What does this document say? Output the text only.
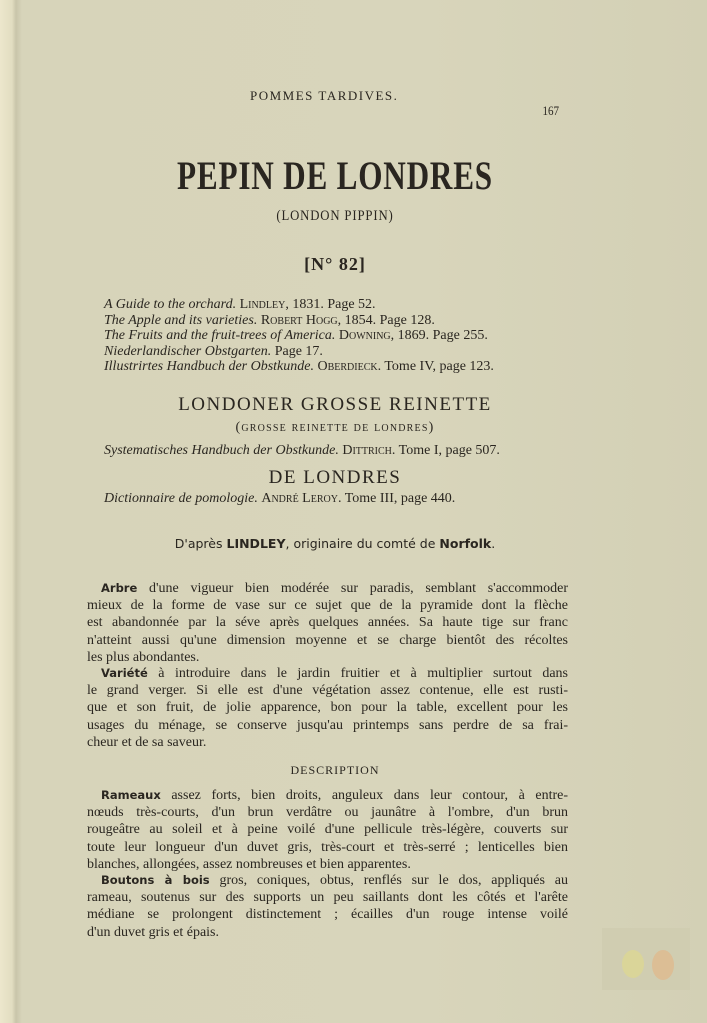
POMMES TARDIVES.
167
PEPIN DE LONDRES
(LONDON PIPPIN)
[N° 82]
A Guide to the orchard. Lindley, 1831. Page 52.
The Apple and its varieties. Robert Hogg, 1854. Page 128.
The Fruits and the fruit-trees of America. Downing, 1869. Page 255.
Niederlandischer Obstgarten. Page 17.
Illustrirtes Handbuch der Obstkunde. Oberdieck. Tome IV, page 123.
LONDONER GROSSE REINETTE
(grosse reinette de londres)
Systematisches Handbuch der Obstkunde. Dittrich. Tome I, page 507.
DE LONDRES
Dictionnaire de pomologie. André Leroy. Tome III, page 440.
D'après LINDLEY, originaire du comté de Norfolk.
Arbre d'une vigueur bien modérée sur paradis, semblant s'accommoder
mieux de la forme de vase sur ce sujet que de la pyramide dont la flèche
est abandonnée par la séve après quelques années. Sa haute tige sur franc
n'atteint aussi qu'une dimension moyenne et se charge bientôt des récoltes
les plus abondantes.
Variété à introduire dans le jardin fruitier et à multiplier surtout dans
le grand verger. Si elle est d'une végétation assez contenue, elle est rusti-
que et son fruit, de jolie apparence, bon pour la table, excellent pour les
usages du ménage, se conserve jusqu'au printemps sans perdre de sa frai-
cheur et de sa saveur.
DESCRIPTION
Rameaux assez forts, bien droits, anguleux dans leur contour, à entre-
nœuds très-courts, d'un brun verdâtre ou jaunâtre à l'ombre, d'un brun
rougeâtre au soleil et à peine voilé d'une pellicule très-légère, couverts sur
toute leur longueur d'un duvet gris, très-court et très-serré ; lenticelles bien
blanches, allongées, assez nombreuses et bien apparentes.
Boutons à bois gros, coniques, obtus, renflés sur le dos, appliqués au
rameau, soutenus sur des supports un peu saillants dont les côtés et l'arête
médiane se prolongent distinctement ; écailles d'un rouge intense voilé
d'un duvet gris et épais.
